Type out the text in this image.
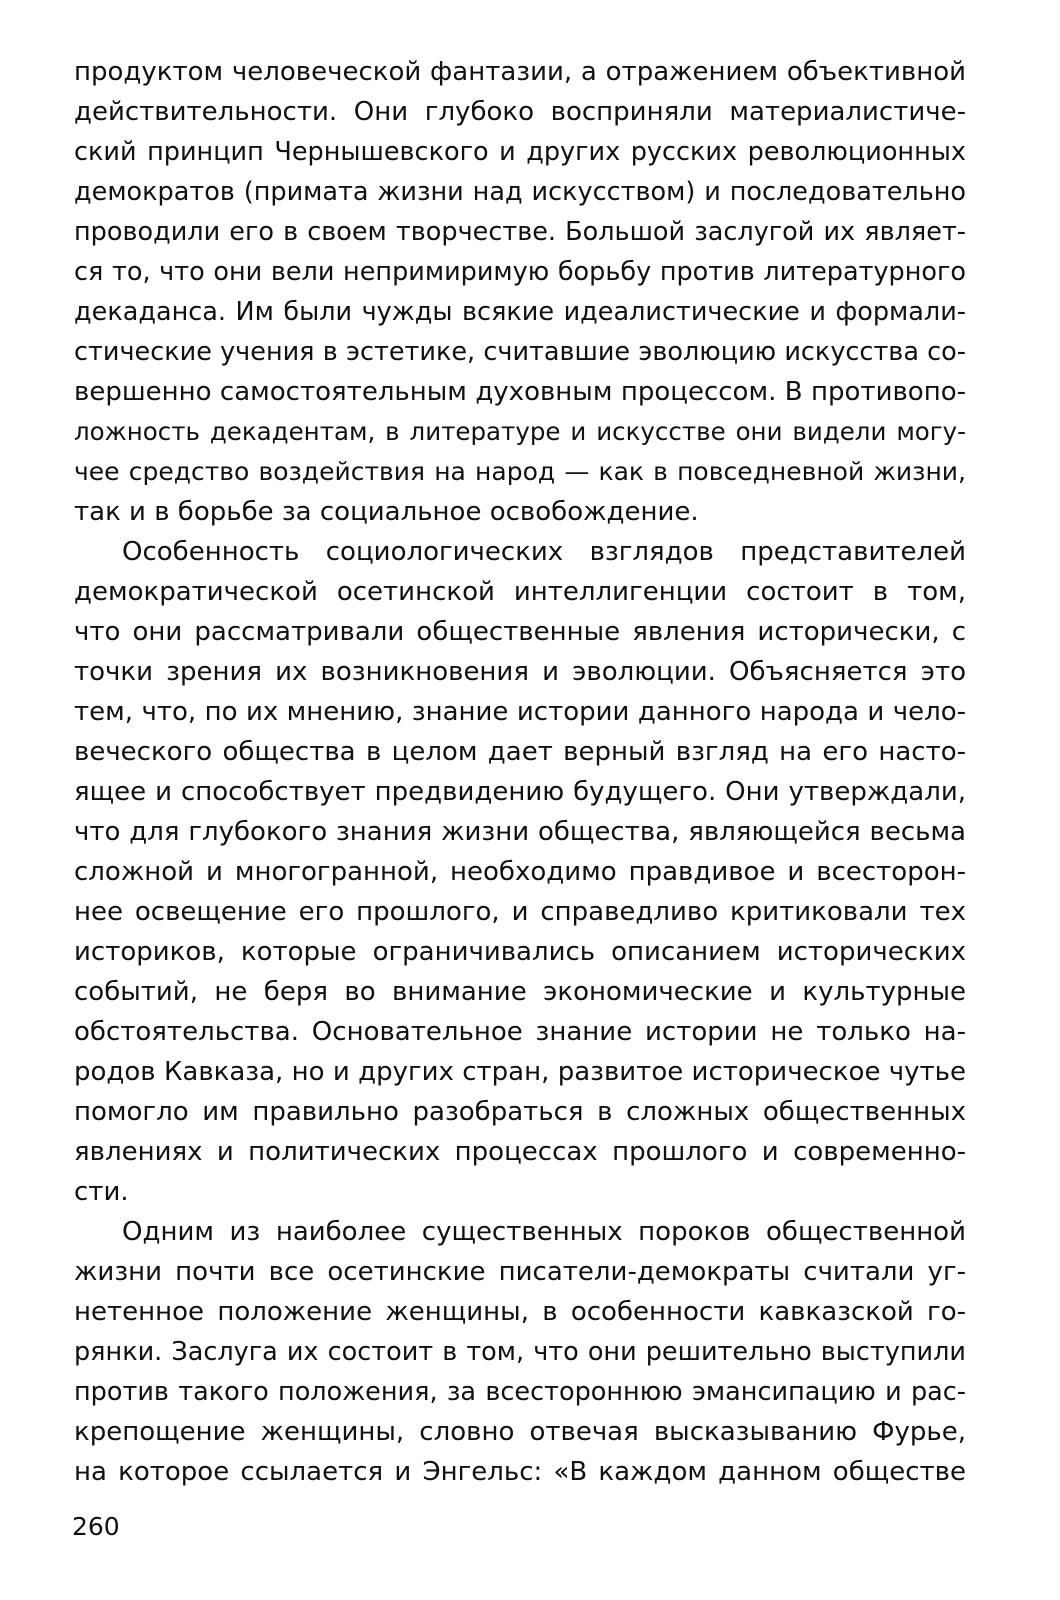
продуктом человеческой фантазии, а отражением объективной
действительности. Они глубоко восприняли материалистиче-
ский принцип Чернышевского и других русских революционных
демократов (примата жизни над искусством) и последовательно
проводили его в своем творчестве. Большой заслугой их являет-
ся то, что они вели непримиримую борьбу против литературного
декаданса. Им были чужды всякие идеалистические и формали-
стические учения в эстетике, считавшие эволюцию искусства со-
вершенно самостоятельным духовным процессом. В противопо-
ложность декадентам, в литературе и искусстве они видели могу-
чее средство воздействия на народ — как в повседневной жизни,
так и в борьбе за социальное освобождение.
Особенность социологических взглядов представителей
демократической осетинской интеллигенции состоит в том,
что они рассматривали общественные явления исторически, с
точки зрения их возникновения и эволюции. Объясняется это
тем, что, по их мнению, знание истории данного народа и чело-
веческого общества в целом дает верный взгляд на его насто-
ящее и способствует предвидению будущего. Они утверждали,
что для глубокого знания жизни общества, являющейся весьма
сложной и многогранной, необходимо правдивое и всесторон-
нее освещение его прошлого, и справедливо критиковали тех
историков, которые ограничивались описанием исторических
событий, не беря во внимание экономические и культурные
обстоятельства. Основательное знание истории не только на-
родов Кавказа, но и других стран, развитое историческое чутье
помогло им правильно разобраться в сложных общественных
явлениях и политических процессах прошлого и современно-
сти.
Одним из наиболее существенных пороков общественной
жизни почти все осетинские писатели-демократы считали уг-
нетенное положение женщины, в особенности кавказской го-
рянки. Заслуга их состоит в том, что они решительно выступили
против такого положения, за всестороннюю эмансипацию и рас-
крепощение женщины, словно отвечая высказыванию Фурье,
на которое ссылается и Энгельс: «В каждом данном обществе
260
